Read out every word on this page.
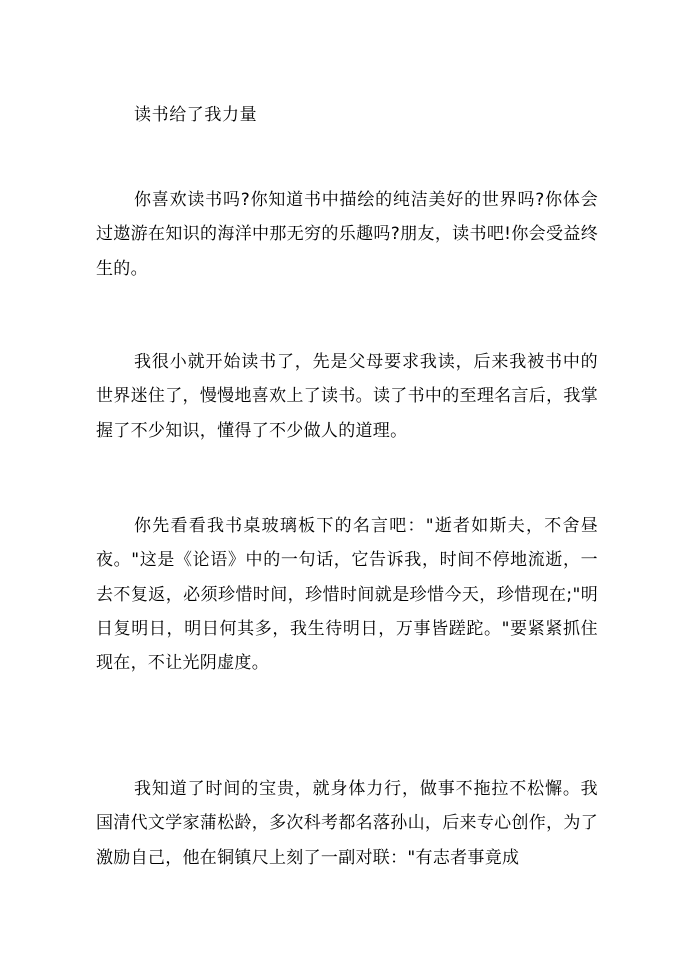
读书给了我力量

你喜欢读书吗?你知道书中描绘的纯洁美好的世界吗?你体会过遨游在知识的海洋中那无穷的乐趣吗?朋友，读书吧!你会受益终生的。

我很小就开始读书了，先是父母要求我读，后来我被书中的世界迷住了，慢慢地喜欢上了读书。读了书中的至理名言后，我掌握了不少知识，懂得了不少做人的道理。

你先看看我书桌玻璃板下的名言吧："逝者如斯夫，不舍昼夜。"这是《论语》中的一句话，它告诉我，时间不停地流逝，一去不复返，必须珍惜时间，珍惜时间就是珍惜今天，珍惜现在;"明日复明日，明日何其多，我生待明日，万事皆蹉跎。"要紧紧抓住现在，不让光阴虚度。

我知道了时间的宝贵，就身体力行，做事不拖拉不松懈。我国清代文学家蒲松龄，多次科考都名落孙山，后来专心创作，为了激励自己，他在铜镇尺上刻了一副对联："有志者事竟成
